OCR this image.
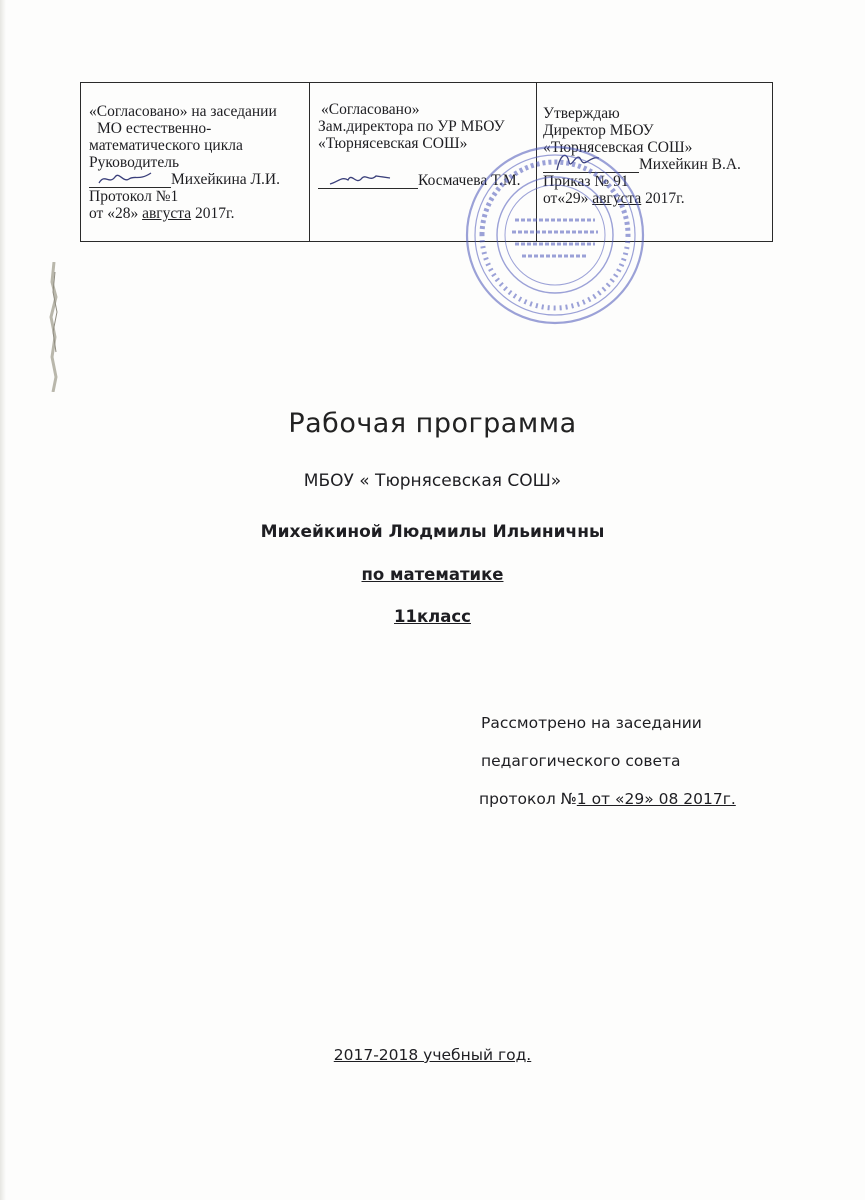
«Согласовано» на заседании
МО естественно-
математического цикла
Руководитель
Михейкина Л.И.
Протокол №1
от «28» августа 2017г.
«Согласовано»
Зам.директора по УР МБОУ
«Тюрнясевская СОШ»
Космачева Т.М.
Утверждаю
Директор МБОУ
«Тюрнясевская СОШ»
Михейкин В.А.
Приказ № 91
от«29» августа 2017г.
Рабочая программа
МБОУ « Тюрнясевская СОШ»
Михейкиной Людмилы Ильиничны
по математике
11класс
Рассмотрено на заседании
педагогического совета
протокол №1 от «29» 08 2017г.
2017-2018 учебный год.
